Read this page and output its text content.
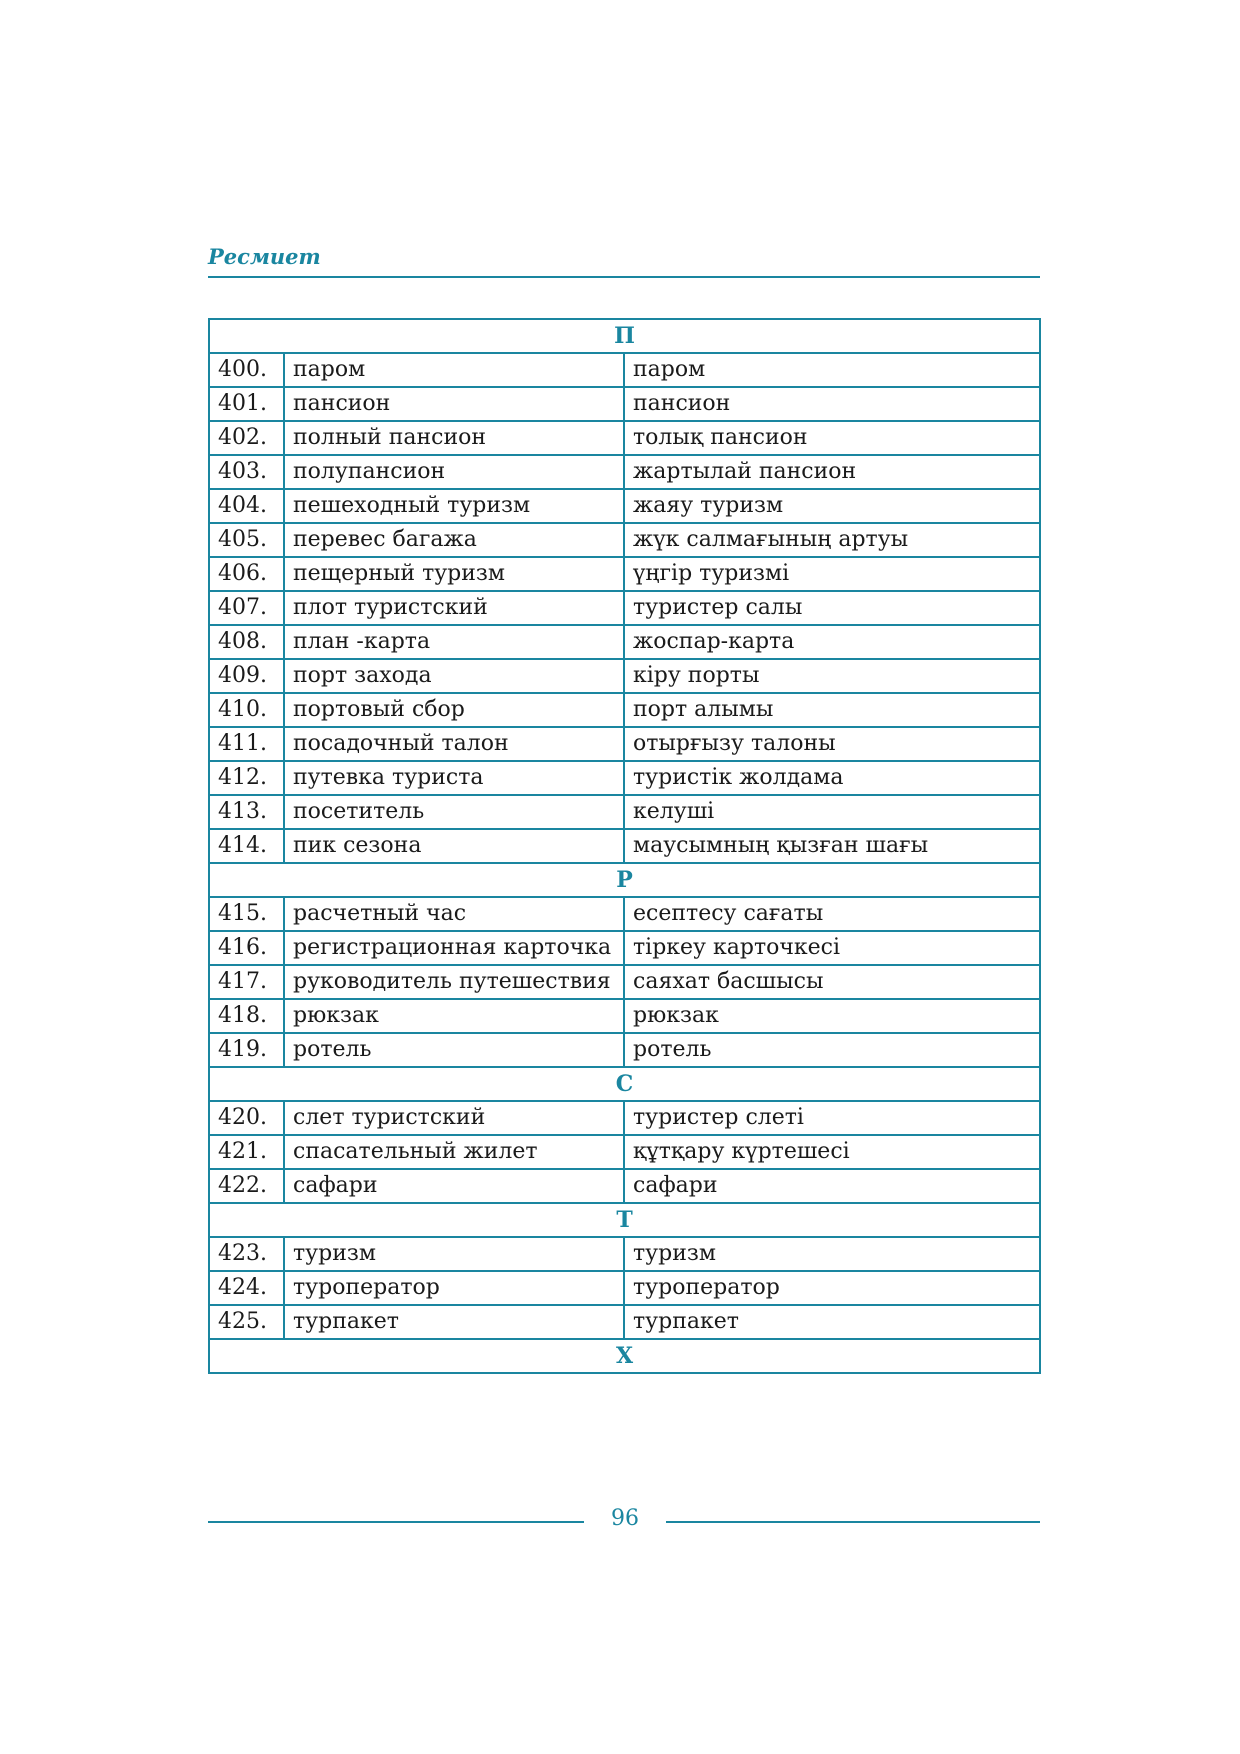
Ресмиет
П		
400.	паром	паром
401.	пансион	пансион
402.	полный пансион	толық пансион
403.	полупансион	жартылай пансион
404.	пешеходный туризм	жаяу туризм
405.	перевес багажа	жүк салмағының артуы
406.	пещерный туризм	үңгір туризмі
407.	плот туристский	туристер салы
408.	план -карта	жоспар-карта
409.	порт захода	кіру порты
410.	портовый сбор	порт алымы
411.	посадочный талон	отырғызу талоны
412.	путевка туриста	туристік жолдама
413.	посетитель	келуші
414.	пик сезона	маусымның қызған шағы
Р		
415.	расчетный час	есептесу сағаты
416.	регистрационная карточка	тіркеу карточкесі
417.	руководитель путешествия	саяхат басшысы
418.	рюкзак	рюкзак
419.	ротель	ротель
С		
420.	слет туристский	туристер слеті
421.	спасательный жилет	құтқару күртешесі
422.	сафари	сафари
Т		
423.	туризм	туризм
424.	туроператор	туроператор
425.	турпакет	турпакет
Х		
96
